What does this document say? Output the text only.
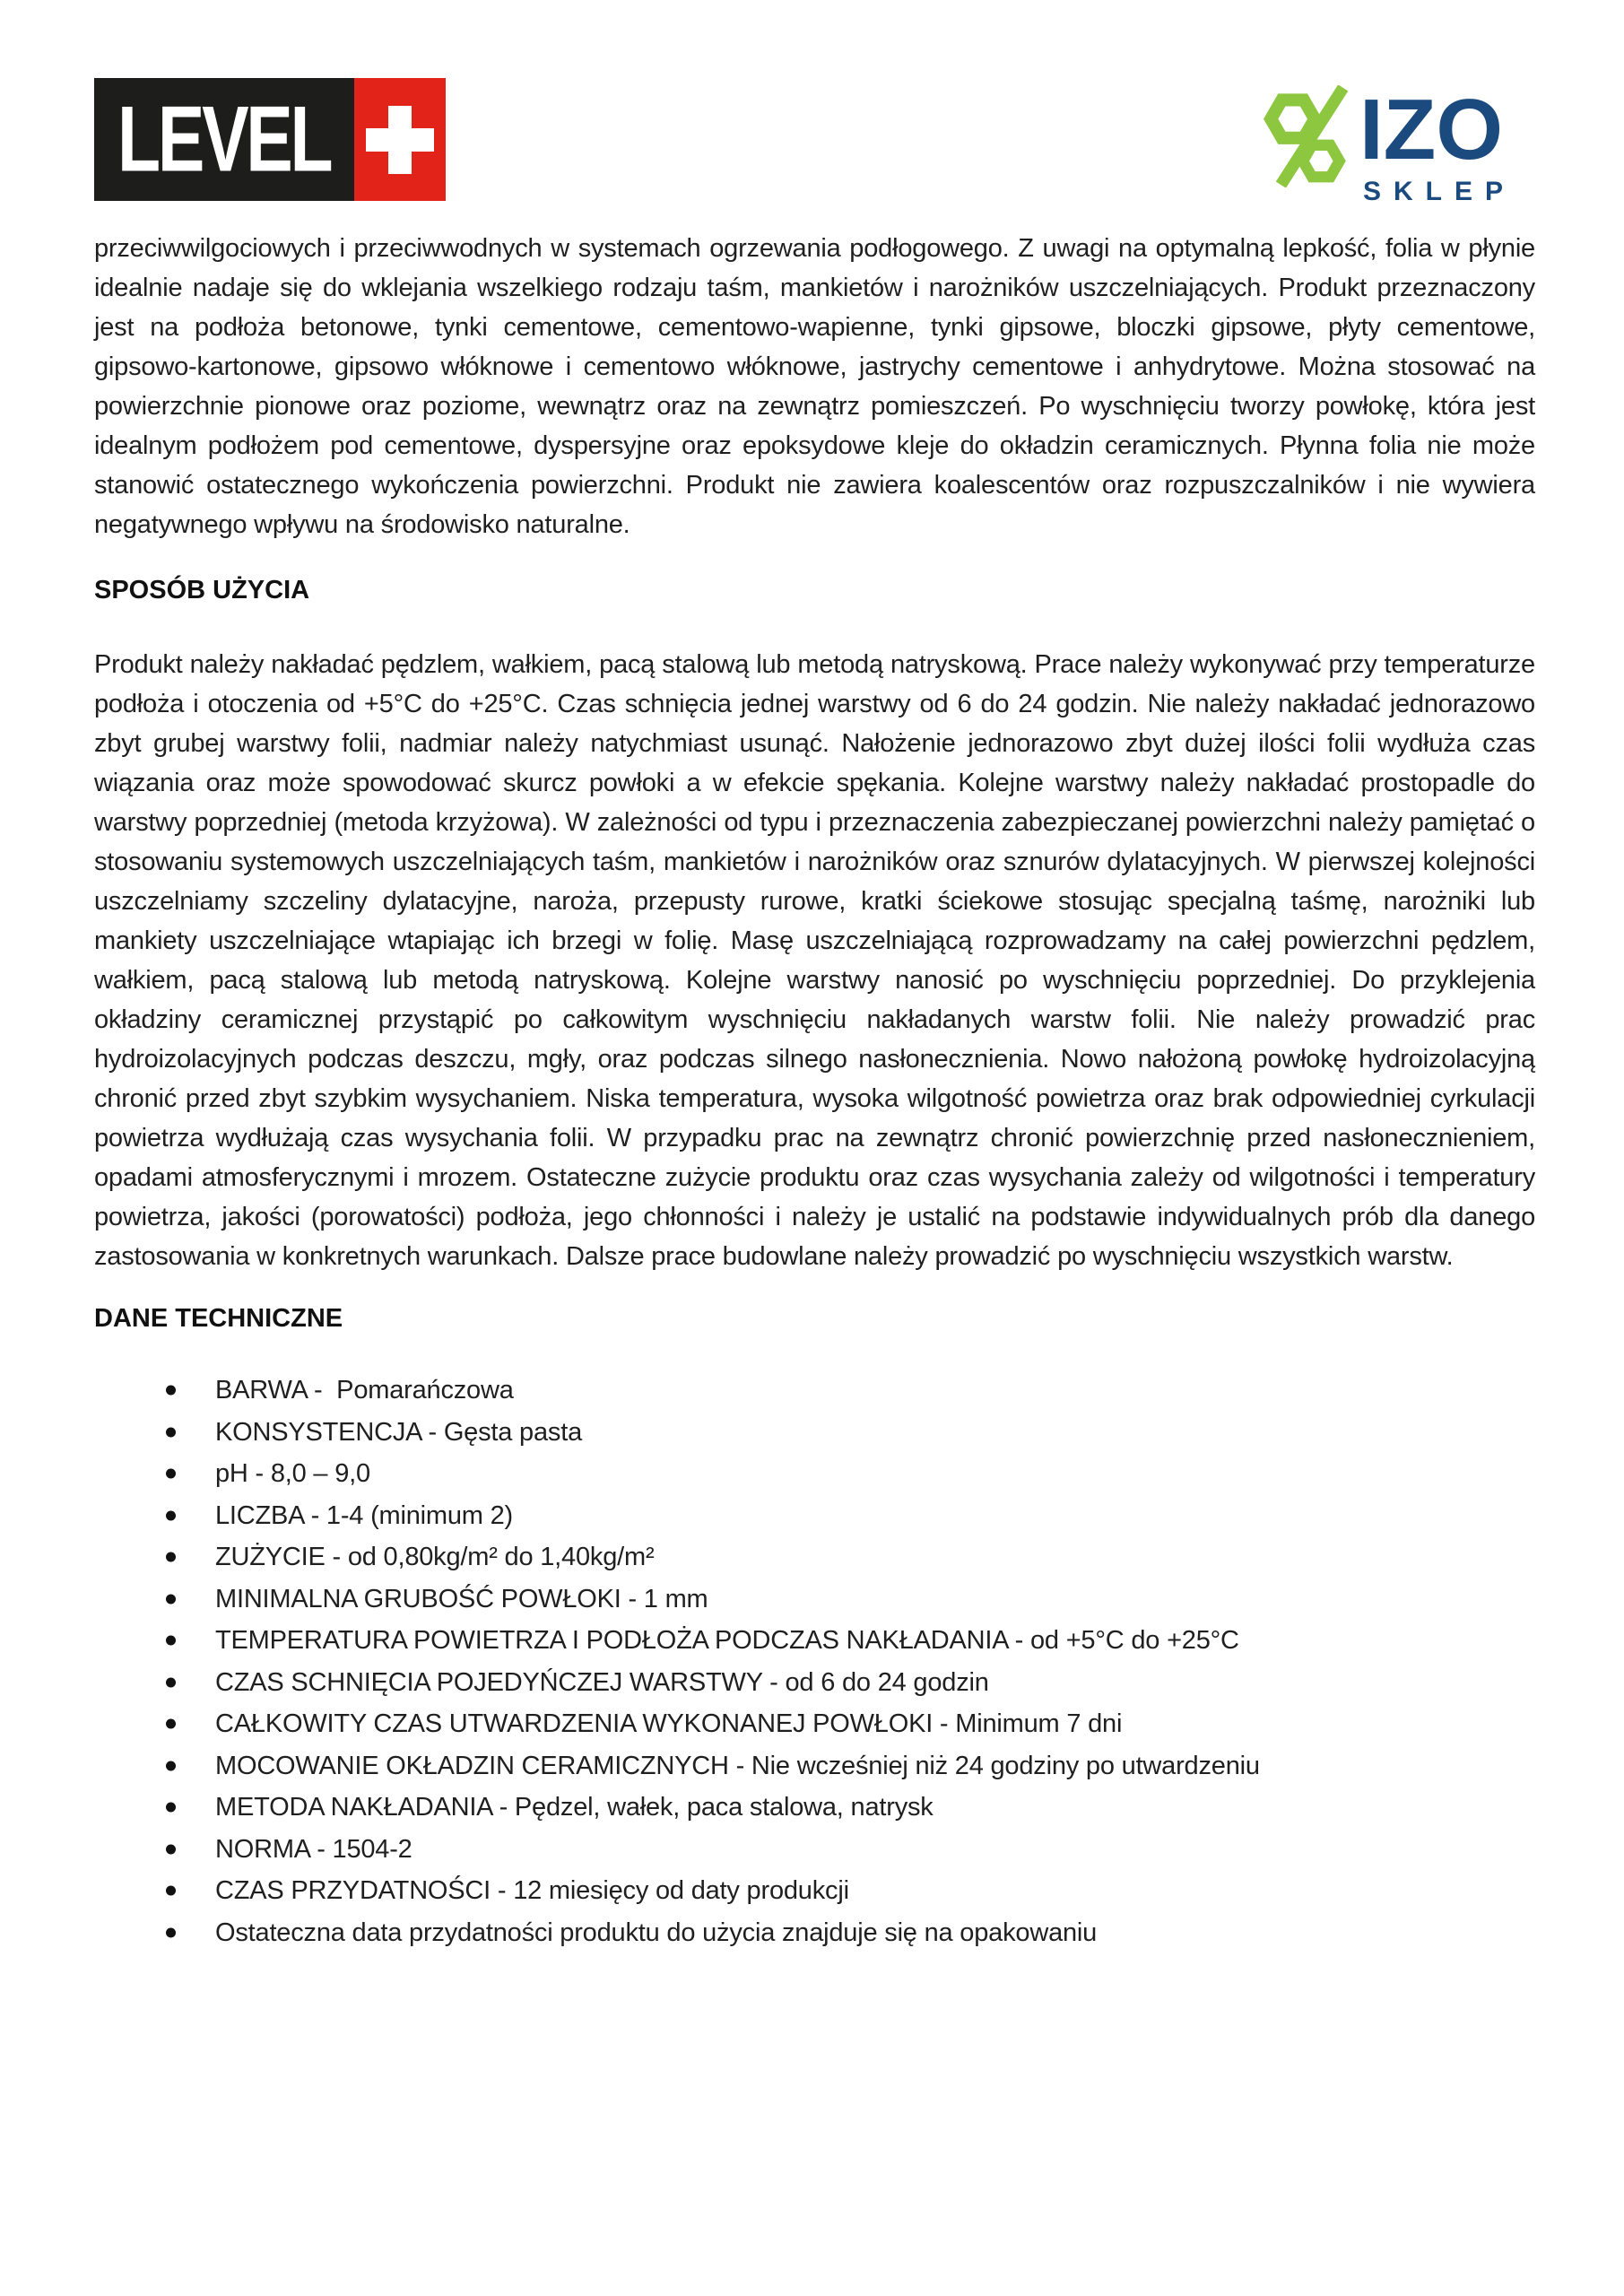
LEVEL	IZO
SKLEP

przeciwwilgociowych i przeciwwodnych w systemach ogrzewania podłogowego. Z uwagi na optymalną lepkość, folia w płynie idealnie nadaje się do wklejania wszelkiego rodzaju taśm, mankietów i narożników uszczelniających. Produkt przeznaczony jest na podłoża betonowe, tynki cementowe, cementowo-wapienne, tynki gipsowe, bloczki gipsowe, płyty cementowe, gipsowo-kartonowe, gipsowo włóknowe i cementowo włóknowe, jastrychy cementowe i anhydrytowe. Można stosować na powierzchnie pionowe oraz poziome, wewnątrz oraz na zewnątrz pomieszczeń. Po wyschnięciu tworzy powłokę, która jest idealnym podłożem pod cementowe, dyspersyjne oraz epoksydowe kleje do okładzin ceramicznych. Płynna folia nie może stanowić ostatecznego wykończenia powierzchni. Produkt nie zawiera koalescentów oraz rozpuszczalników i nie wywiera negatywnego wpływu na środowisko naturalne.

SPOSÓB UŻYCIA

Produkt należy nakładać pędzlem, wałkiem, pacą stalową lub metodą natryskową. Prace należy wykonywać przy temperaturze podłoża i otoczenia od +5°C do +25°C. Czas schnięcia jednej warstwy od 6 do 24 godzin. Nie należy nakładać jednorazowo zbyt grubej warstwy folii, nadmiar należy natychmiast usunąć. Nałożenie jednorazowo zbyt dużej ilości folii wydłuża czas wiązania oraz może spowodować skurcz powłoki a w efekcie spękania. Kolejne warstwy należy nakładać prostopadle do warstwy poprzedniej (metoda krzyżowa). W zależności od typu i przeznaczenia zabezpieczanej powierzchni należy pamiętać o stosowaniu systemowych uszczelniających taśm, mankietów i narożników oraz sznurów dylatacyjnych. W pierwszej kolejności uszczelniamy szczeliny dylatacyjne, naroża, przepusty rurowe, kratki ściekowe stosując specjalną taśmę, narożniki lub mankiety uszczelniające wtapiając ich brzegi w folię. Masę uszczelniającą rozprowadzamy na całej powierzchni pędzlem, wałkiem, pacą stalową lub metodą natryskową. Kolejne warstwy nanosić po wyschnięciu poprzedniej. Do przyklejenia okładziny ceramicznej przystąpić po całkowitym wyschnięciu nakładanych warstw folii. Nie należy prowadzić prac hydroizolacyjnych podczas deszczu, mgły, oraz podczas silnego nasłonecznienia. Nowo nałożoną powłokę hydroizolacyjną chronić przed zbyt szybkim wysychaniem. Niska temperatura, wysoka wilgotność powietrza oraz brak odpowiedniej cyrkulacji powietrza wydłużają czas wysychania folii. W przypadku prac na zewnątrz chronić powierzchnię przed nasłonecznieniem, opadami atmosferycznymi i mrozem. Ostateczne zużycie produktu oraz czas wysychania zależy od wilgotności i temperatury powietrza, jakości (porowatości) podłoża, jego chłonności i należy je ustalić na podstawie indywidualnych prób dla danego zastosowania w konkretnych warunkach. Dalsze prace budowlane należy prowadzić po wyschnięciu wszystkich warstw.

DANE TECHNICZNE
BARWA -  Pomarańczowa
KONSYSTENCJA - Gęsta pasta
pH - 8,0 – 9,0
LICZBA - 1-4 (minimum 2)
ZUŻYCIE - od 0,80kg/m² do 1,40kg/m²
MINIMALNA GRUBOŚĆ POWŁOKI - 1 mm
TEMPERATURA POWIETRZA I PODŁOŻA PODCZAS NAKŁADANIA - od +5°C do +25°C
CZAS SCHNIĘCIA POJEDYŃCZEJ WARSTWY - od 6 do 24 godzin
CAŁKOWITY CZAS UTWARDZENIA WYKONANEJ POWŁOKI - Minimum 7 dni
MOCOWANIE OKŁADZIN CERAMICZNYCH - Nie wcześniej niż 24 godziny po utwardzeniu
METODA NAKŁADANIA - Pędzel, wałek, paca stalowa, natrysk
NORMA - 1504-2
CZAS PRZYDATNOŚCI - 12 miesięcy od daty produkcji
Ostateczna data przydatności produktu do użycia znajduje się na opakowaniu
